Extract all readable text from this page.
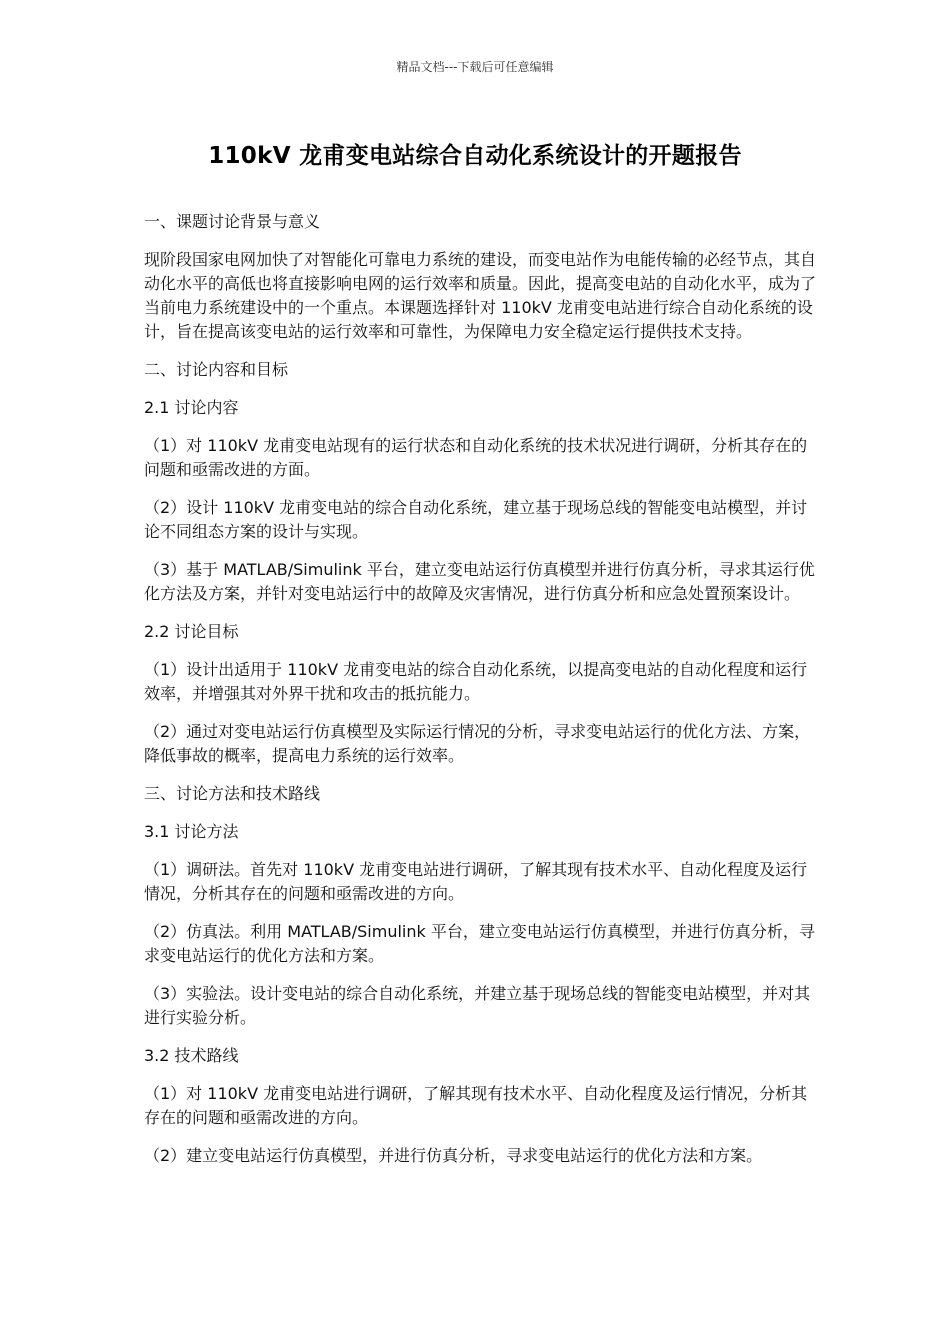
精品文档---下载后可任意编辑
110kV 龙甫变电站综合自动化系统设计的开题报告
一、课题讨论背景与意义
现阶段国家电网加快了对智能化可靠电力系统的建设，而变电站作为电能传输的必经节点，其自动化水平的高低也将直接影响电网的运行效率和质量。因此，提高变电站的自动化水平，成为了当前电力系统建设中的一个重点。本课题选择针对 110kV 龙甫变电站进行综合自动化系统的设计，旨在提高该变电站的运行效率和可靠性，为保障电力安全稳定运行提供技术支持。
二、讨论内容和目标
2.1 讨论内容
（1）对 110kV 龙甫变电站现有的运行状态和自动化系统的技术状况进行调研，分析其存在的问题和亟需改进的方面。
（2）设计 110kV 龙甫变电站的综合自动化系统，建立基于现场总线的智能变电站模型，并讨论不同组态方案的设计与实现。
（3）基于 MATLAB/Simulink 平台，建立变电站运行仿真模型并进行仿真分析，寻求其运行优化方法及方案，并针对变电站运行中的故障及灾害情况，进行仿真分析和应急处置预案设计。
2.2 讨论目标
（1）设计出适用于 110kV 龙甫变电站的综合自动化系统，以提高变电站的自动化程度和运行效率，并增强其对外界干扰和攻击的抵抗能力。
（2）通过对变电站运行仿真模型及实际运行情况的分析，寻求变电站运行的优化方法、方案，降低事故的概率，提高电力系统的运行效率。
三、讨论方法和技术路线
3.1 讨论方法
（1）调研法。首先对 110kV 龙甫变电站进行调研，了解其现有技术水平、自动化程度及运行情况，分析其存在的问题和亟需改进的方向。
（2）仿真法。利用 MATLAB/Simulink 平台，建立变电站运行仿真模型，并进行仿真分析，寻求变电站运行的优化方法和方案。
（3）实验法。设计变电站的综合自动化系统，并建立基于现场总线的智能变电站模型，并对其进行实验分析。
3.2 技术路线
（1）对 110kV 龙甫变电站进行调研，了解其现有技术水平、自动化程度及运行情况，分析其存在的问题和亟需改进的方向。
（2）建立变电站运行仿真模型，并进行仿真分析，寻求变电站运行的优化方法和方案。
